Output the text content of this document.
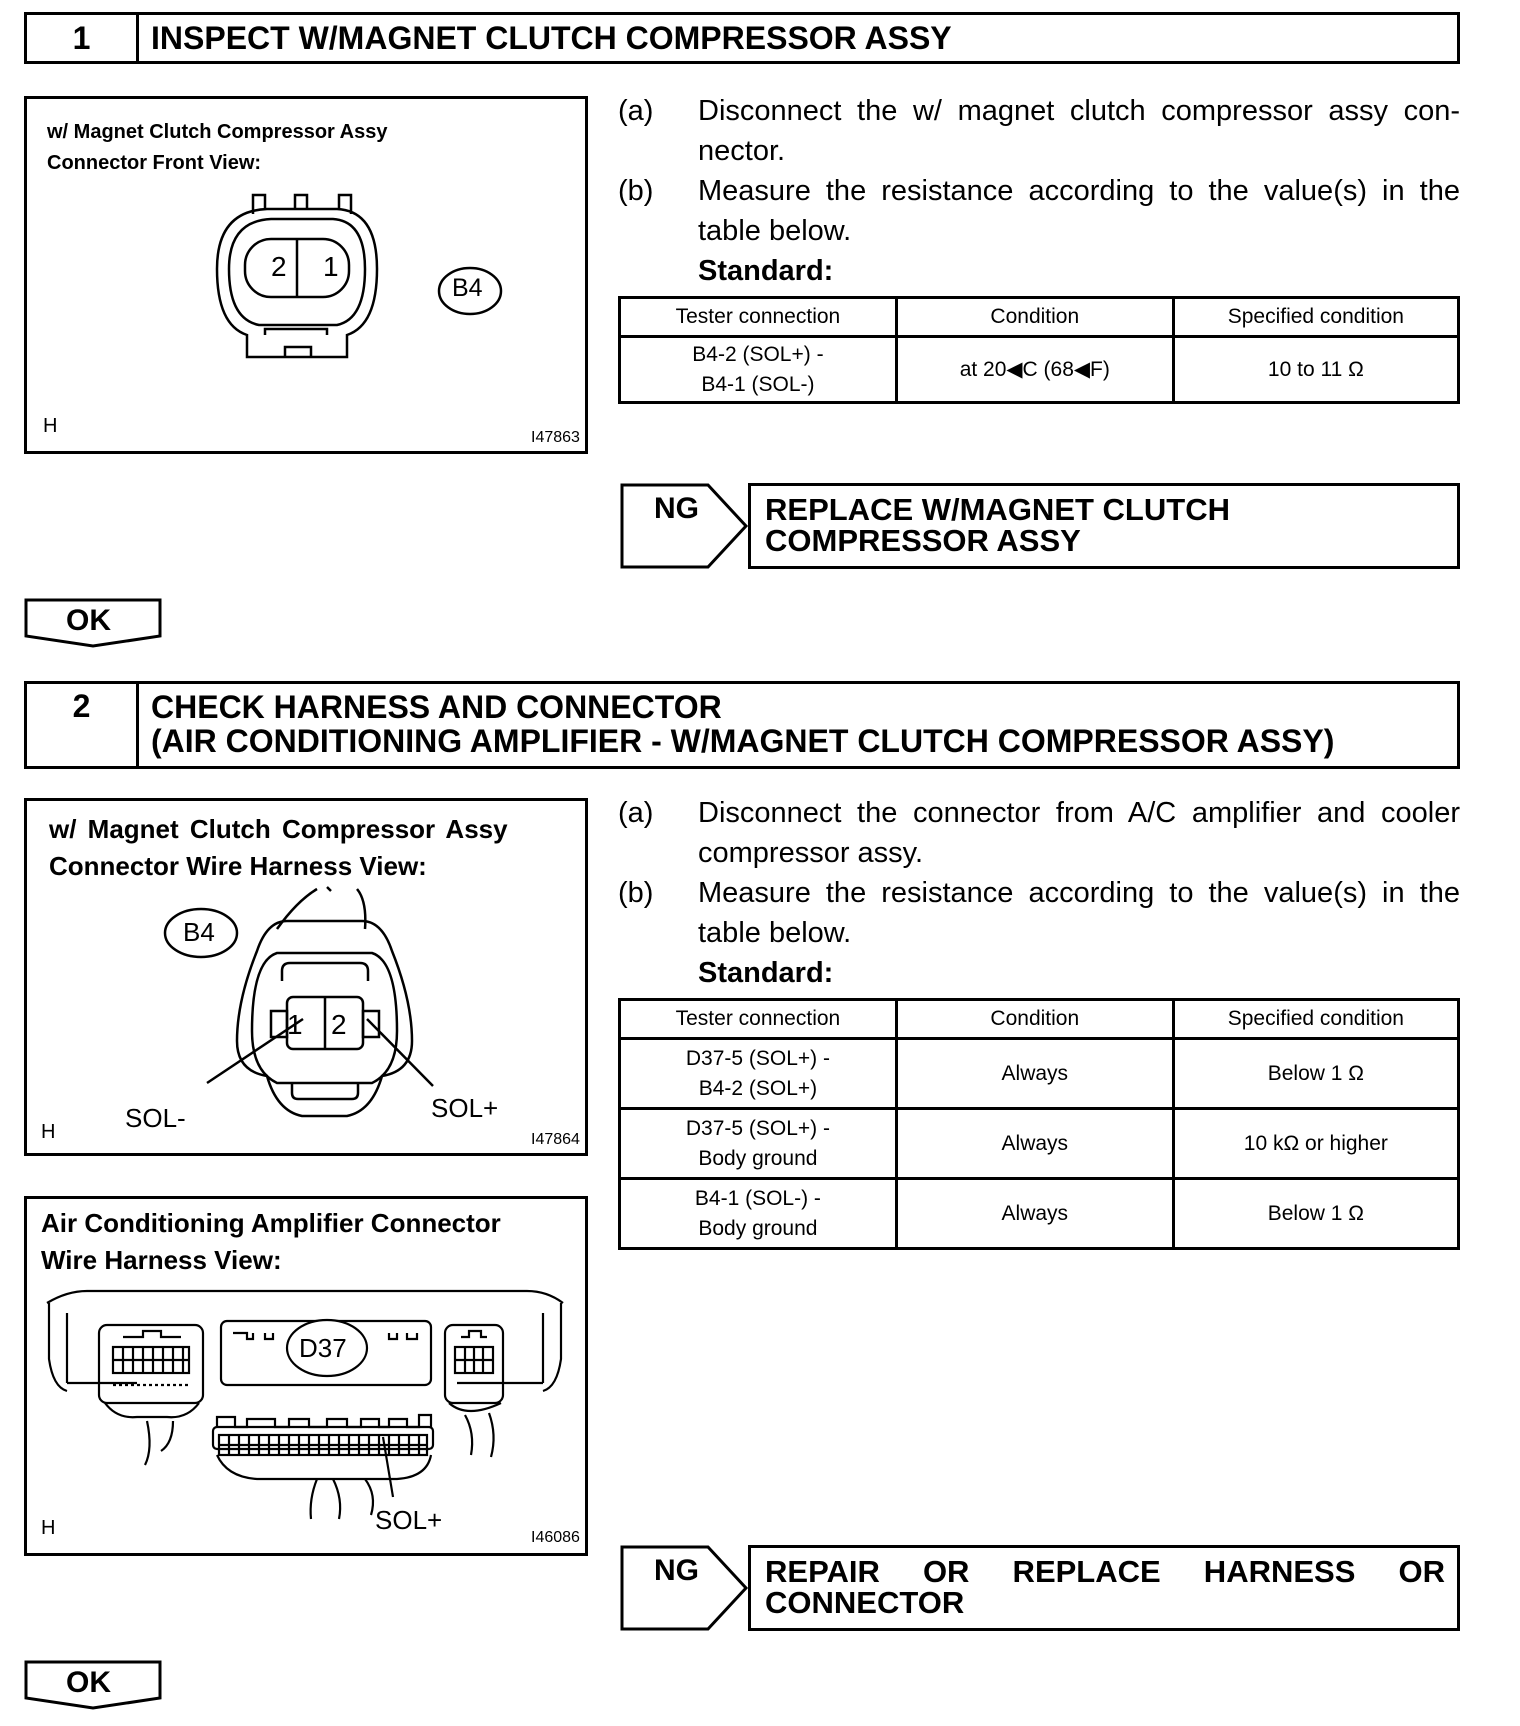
1	INSPECT W/MAGNET CLUTCH COMPRESSOR ASSY
w/ Magnet Clutch Compressor Assy
Connector Front View:
2 1
B4
H
I47863
(a)	Disconnect the w/ magnet clutch compressor assy con-nector.
(b)	Measure the resistance according to the value(s) in the table below.
Standard:
Tester connection	Condition	Specified condition

B4-2 (SOL+) -
B4-1 (SOL-)	at 20◀C (68◀F)	10 to 11 Ω
NG	REPLACE W/MAGNET CLUTCH COMPRESSOR ASSY
OK
2	CHECK HARNESS AND CONNECTOR
(AIR CONDITIONING AMPLIFIER - W/MAGNET CLUTCH COMPRESSOR ASSY)
w/ Magnet Clutch Compressor Assy
Connector Wire Harness View:
B4
1 2
SOL-	SOL+
H	I47864
Air Conditioning Amplifier Connector
Wire Harness View:
D37
SOL+
H	I46086
(a)	Disconnect the connector from A/C amplifier and cooler compressor assy.
(b)	Measure the resistance according to the value(s) in the table below.
Standard:
Tester connection	Condition	Specified condition

D37-5 (SOL+) -
B4-2 (SOL+)	Always	Below 1 Ω

D37-5 (SOL+) -
Body ground	Always	10 kΩ or higher

B4-1 (SOL-) -
Body ground	Always	Below 1 Ω
NG	REPAIR   OR   REPLACE   HARNESS   OR CONNECTOR
OK
